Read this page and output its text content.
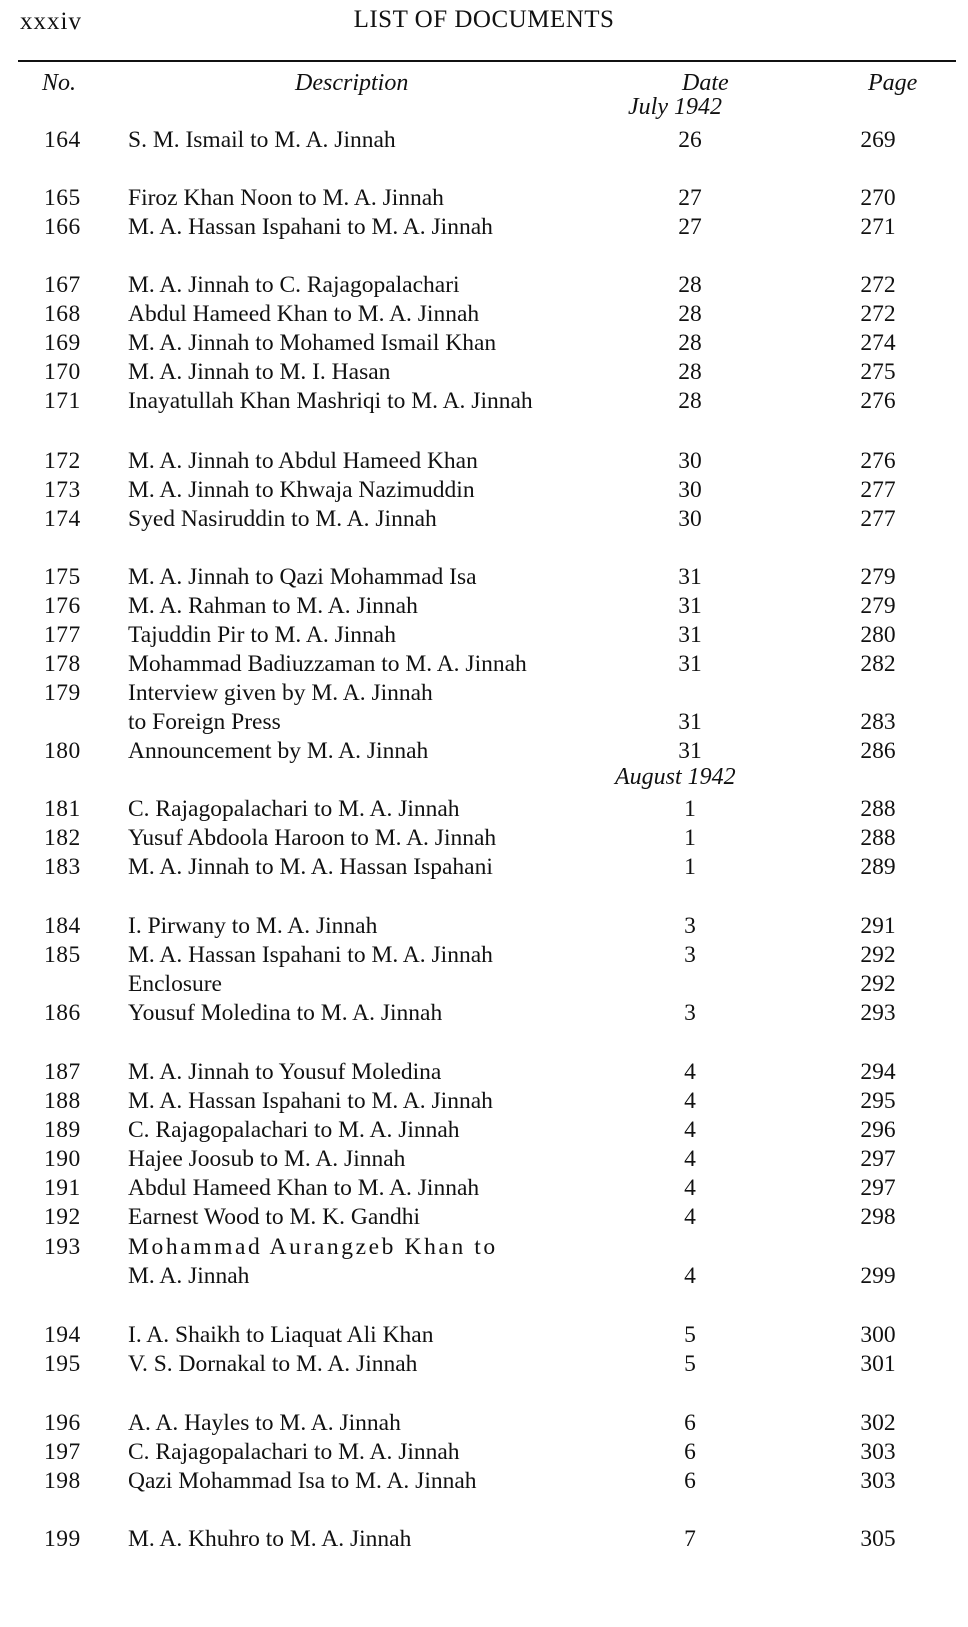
xxxiv	LIST OF DOCUMENTS
No.	Description	Date	Page
July 1942
August 1942
164	S. M. Ismail to M. A. Jinnah	26	269
165	Firoz Khan Noon to M. A. Jinnah	27	270
166	M. A. Hassan Ispahani to M. A. Jinnah	27	271
167	M. A. Jinnah to C. Rajagopalachari	28	272
168	Abdul Hameed Khan to M. A. Jinnah	28	272
169	M. A. Jinnah to Mohamed Ismail Khan	28	274
170	M. A. Jinnah to M. I. Hasan	28	275
171	Inayatullah Khan Mashriqi to M. A. Jinnah	28	276
172	M. A. Jinnah to Abdul Hameed Khan	30	276
173	M. A. Jinnah to Khwaja Nazimuddin	30	277
174	Syed Nasiruddin to M. A. Jinnah	30	277
175	M. A. Jinnah to Qazi Mohammad Isa	31	279
176	M. A. Rahman to M. A. Jinnah	31	279
177	Tajuddin Pir to M. A. Jinnah	31	280
178	Mohammad Badiuzzaman to M. A. Jinnah	31	282
179	Interview given by M. A. Jinnah
to Foreign Press	31	283
180	Announcement by M. A. Jinnah	31	286
181	C. Rajagopalachari to M. A. Jinnah	1	288
182	Yusuf Abdoola Haroon to M. A. Jinnah	1	288
183	M. A. Jinnah to M. A. Hassan Ispahani	1	289
184	I. Pirwany to M. A. Jinnah	3	291
185	M. A. Hassan Ispahani to M. A. Jinnah	3	292
Enclosure	292
186	Yousuf Moledina to M. A. Jinnah	3	293
187	M. A. Jinnah to Yousuf Moledina	4	294
188	M. A. Hassan Ispahani to M. A. Jinnah	4	295
189	C. Rajagopalachari to M. A. Jinnah	4	296
190	Hajee Joosub to M. A. Jinnah	4	297
191	Abdul Hameed Khan to M. A. Jinnah	4	297
192	Earnest Wood to M. K. Gandhi	4	298
193	Mohammad Aurangzeb Khan to
M. A. Jinnah	4	299
194	I. A. Shaikh to Liaquat Ali Khan	5	300
195	V. S. Dornakal to M. A. Jinnah	5	301
196	A. A. Hayles to M. A. Jinnah	6	302
197	C. Rajagopalachari to M. A. Jinnah	6	303
198	Qazi Mohammad Isa to M. A. Jinnah	6	303
199	M. A. Khuhro to M. A. Jinnah	7	305
